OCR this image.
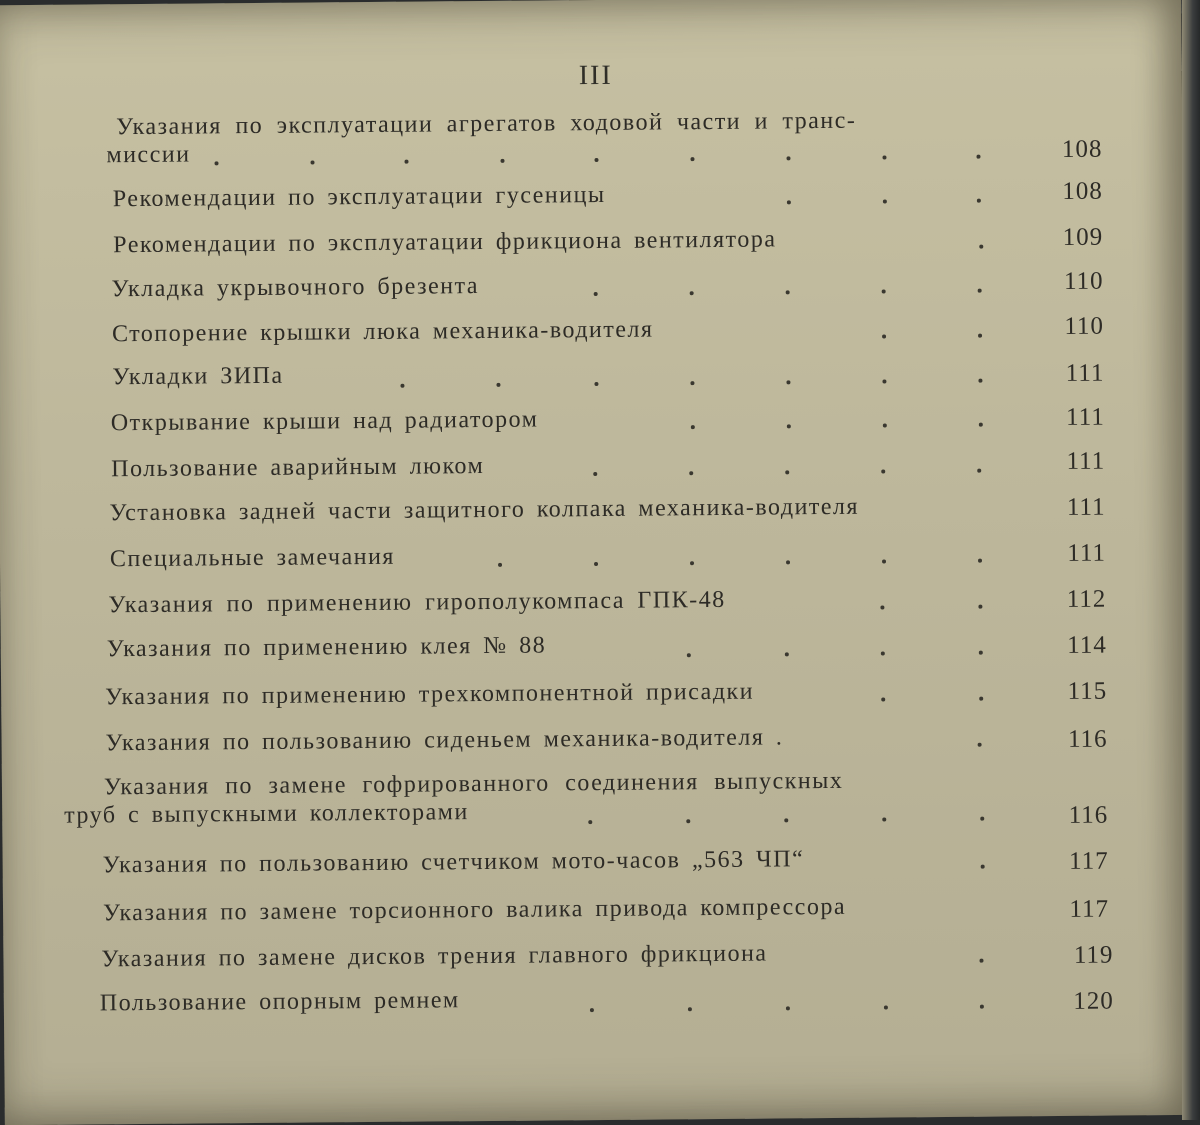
III
Указания по эксплуатации агрегатов ходовой части и транс-
миссии	108
Рекомендации по эксплуатации гусеницы	108
Рекомендации по эксплуатации фрикциона вентилятора	109
Укладка укрывочного брезента	110
Стопорение крышки люка механика-водителя	110
Укладки ЗИПа	111
Открывание крыши над радиатором	111
Пользование аварийным люком	111
Установка задней части защитного колпака механика-водителя	111
Специальные замечания	111
Указания по применению гирополукомпаса ГПК-48	112
Указания по применению клея № 88	114
Указания по применению трехкомпонентной присадки	115
Указания по пользованию сиденьем механика-водителя .	116
Указания по замене гофрированного соединения выпускных
труб с выпускными коллекторами	116
Указания по пользованию счетчиком мото-часов „563 ЧП“	117
Указания по замене торсионного валика привода компрессора	117
Указания по замене дисков трения главного фрикциона	119
Пользование опорным ремнем	120
